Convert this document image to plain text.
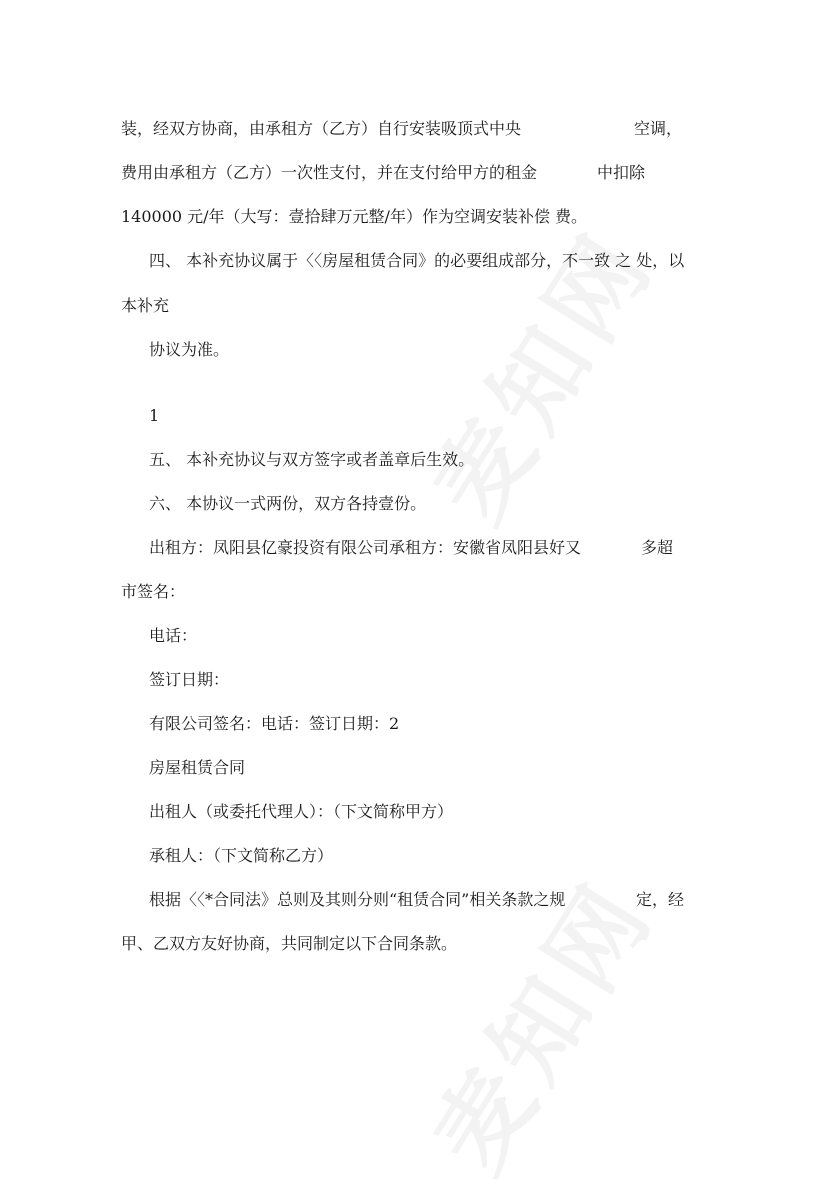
装，经双方协商，由承租方（乙方）自行安装吸顶式中央	空调，
费用由承租方（乙方）一次性支付，并在支付给甲方的租金	中扣除
140000 元/年（大写：壹拾肆万元整/年）作为空调安装补偿 费。
四、 本补充协议属于〈〈房屋租赁合同》的必要组成部分，不一致 之 处，以
本补充
协议为准。
1
五、 本补充协议与双方签字或者盖章后生效。
六、 本协议一式两份，双方各持壹份。
出租方：凤阳县亿豪投资有限公司承租方：安徽省凤阳县好又	多超
市签名：
电话：
签订日期：
有限公司签名：电话：签订日期：2
房屋租赁合同
出租人（或委托代理人）：（下文简称甲方）
承租人：（下文简称乙方）
根据〈〈*合同法》总则及其则分则“租赁合同”相关条款之规	定，经
甲、乙双方友好协商，共同制定以下合同条款。
